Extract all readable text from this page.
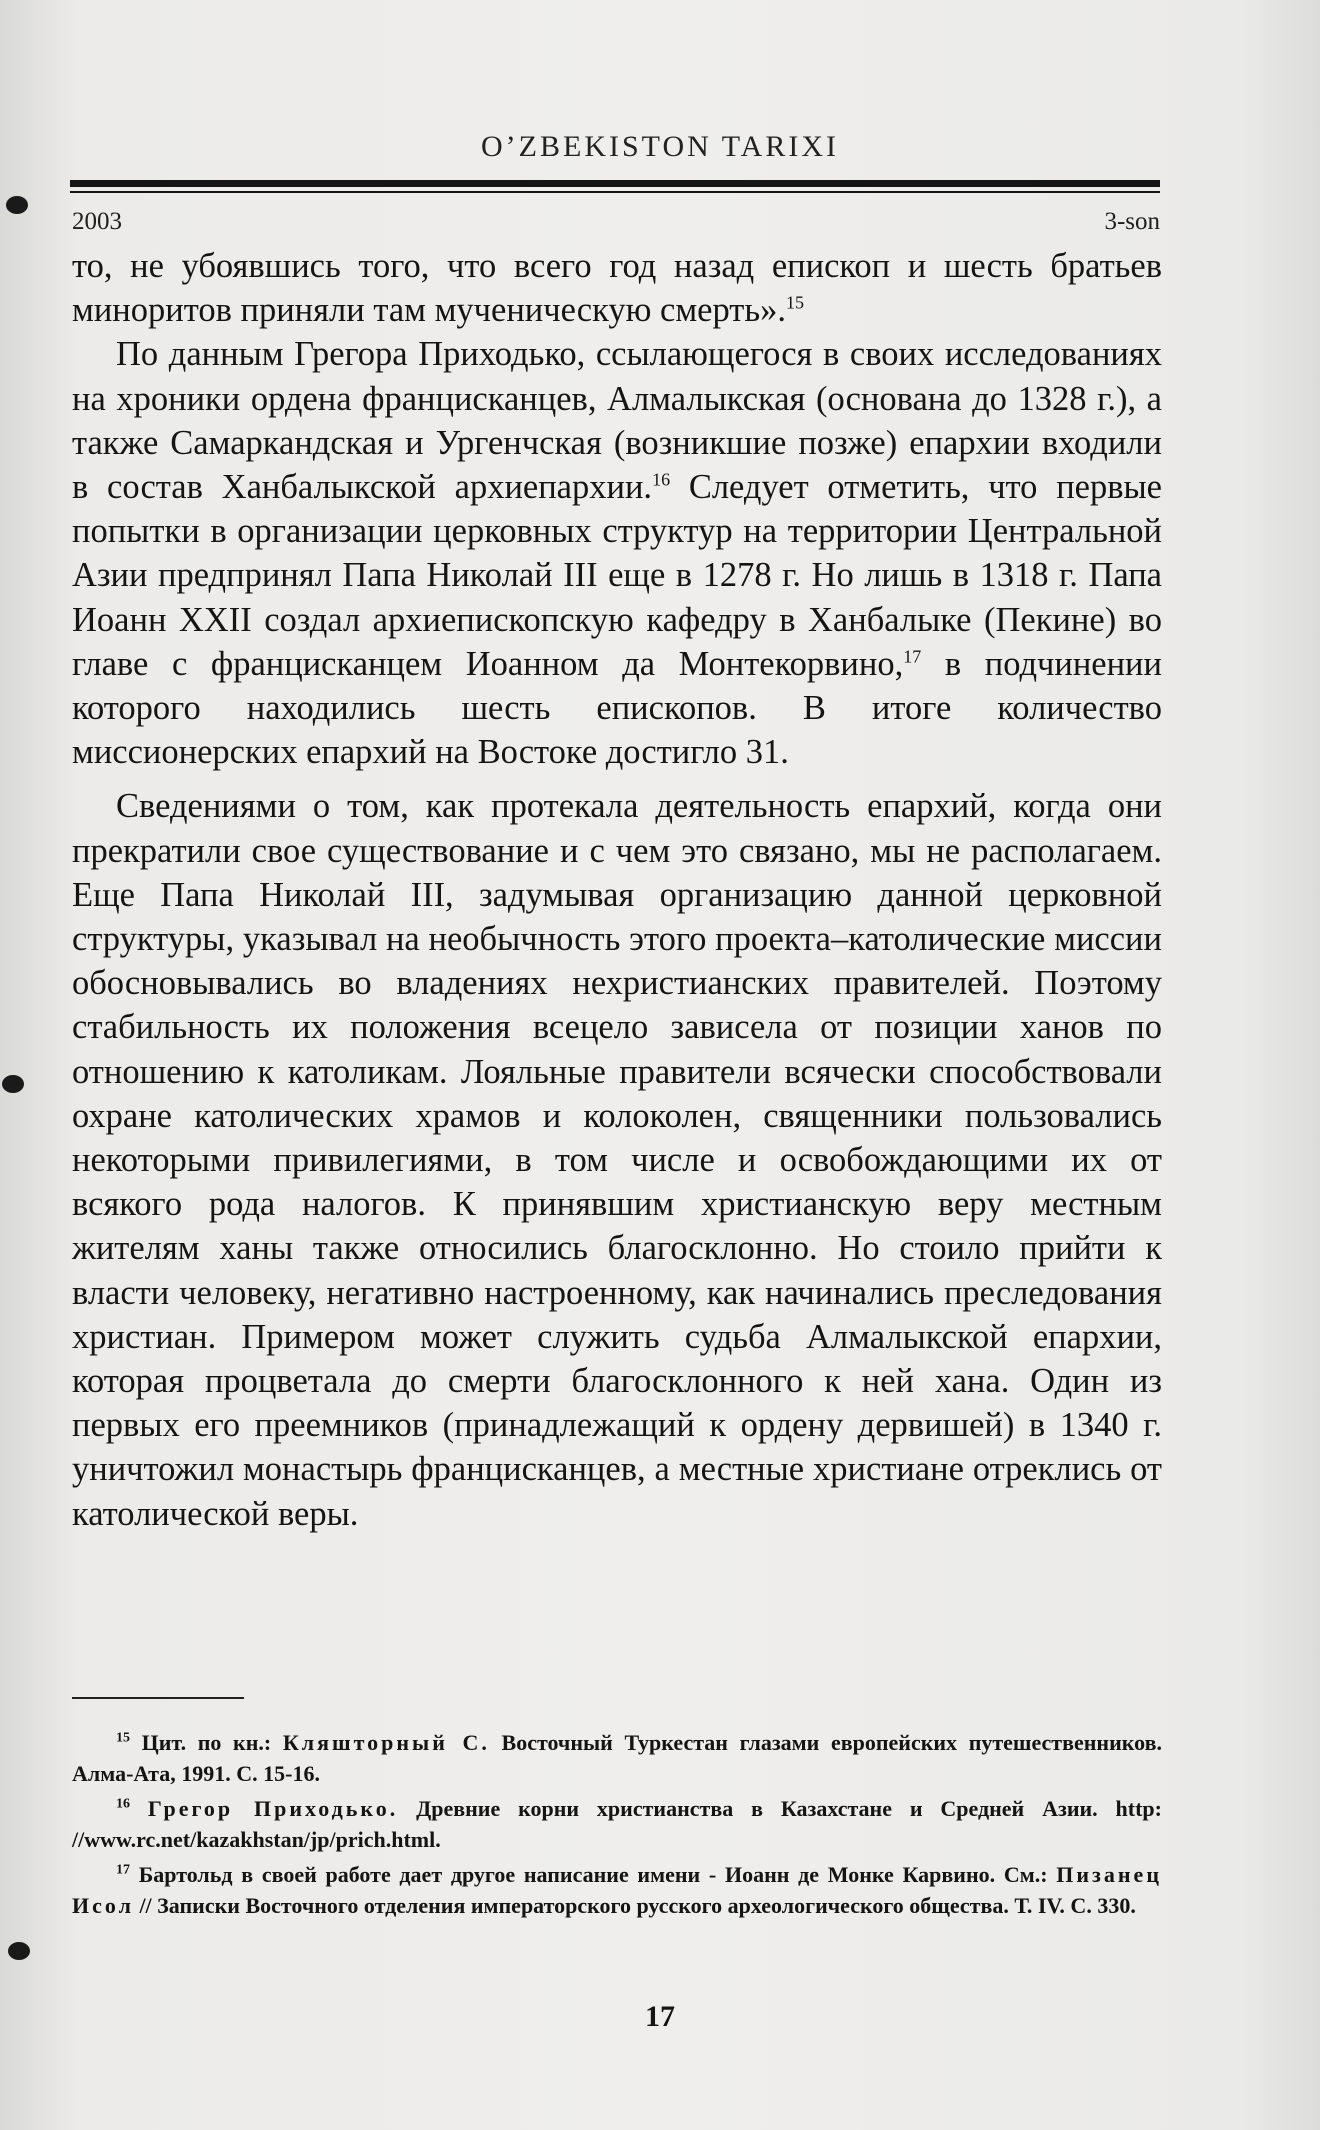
O’ZBEKISTON TARIXI
2003	3-son

то, не убоявшись того, что всего год назад епископ и шесть братьев миноритов приняли там мученическую смерть».$^{15}$

По данным Грегора Приходько, ссылающегося в своих исследованиях на хроники ордена францисканцев, Алмалыкская (основана до 1328 г.), а также Самаркандская и Ургенчская (возникшие позже) епархии входили в состав Ханбалыкской архиепархии.$^{16}$ Следует отметить, что первые попытки в организации церковных структур на территории Центральной Азии предпринял Папа Николай III еще в 1278 г. Но лишь в 1318 г. Папа Иоанн XXII создал архиепископскую кафедру в Ханбалыке (Пекине) во главе с францисканцем Иоанном да Монтекорвино,$^{17}$ в подчинении которого находились шесть епископов. В итоге количество миссионерских епархий на Востоке достигло 31.

Сведениями о том, как протекала деятельность епархий, когда они прекратили свое существование и с чем это связано, мы не располагаем. Еще Папа Николай III, задумывая организацию данной церковной структуры, указывал на необычность этого проекта–католические миссии обосновывались во владениях нехристианских правителей. Поэтому стабильность их положения всецело зависела от позиции ханов по отношению к католикам. Лояльные правители всячески способствовали охране католических храмов и колоколен, священники пользовались некоторыми привилегиями, в том числе и освобождающими их от всякого рода налогов. К принявшим христианскую веру местным жителям ханы также относились благосклонно. Но стоило прийти к власти человеку, негативно настроенному, как начинались преследования христиан. Примером может служить судьба Алмалыкской епархии, которая процветала до смерти благосклонного к ней хана. Один из первых его преемников (принадлежащий к ордену дервишей) в 1340 г. уничтожил монастырь францисканцев, а местные христиане отреклись от католической веры.

$^{15}$ Цит. по кн.: Кляшторный С. Восточный Туркестан глазами европейских путешественников. Алма-Ата, 1991. С. 15-16.

$^{16}$ Грегор Приходько. Древние корни христианства в Казахстане и Средней Азии. http: //www.rc.net/kazakhstan/jp/prich.html.

$^{17}$ Бартольд в своей работе дает другое написание имени - Иоанн де Монке Карвино. См.: Пизанец Исол // Записки Восточного отделения императорского русского археологического общества. Т. IV. С. 330.

17
